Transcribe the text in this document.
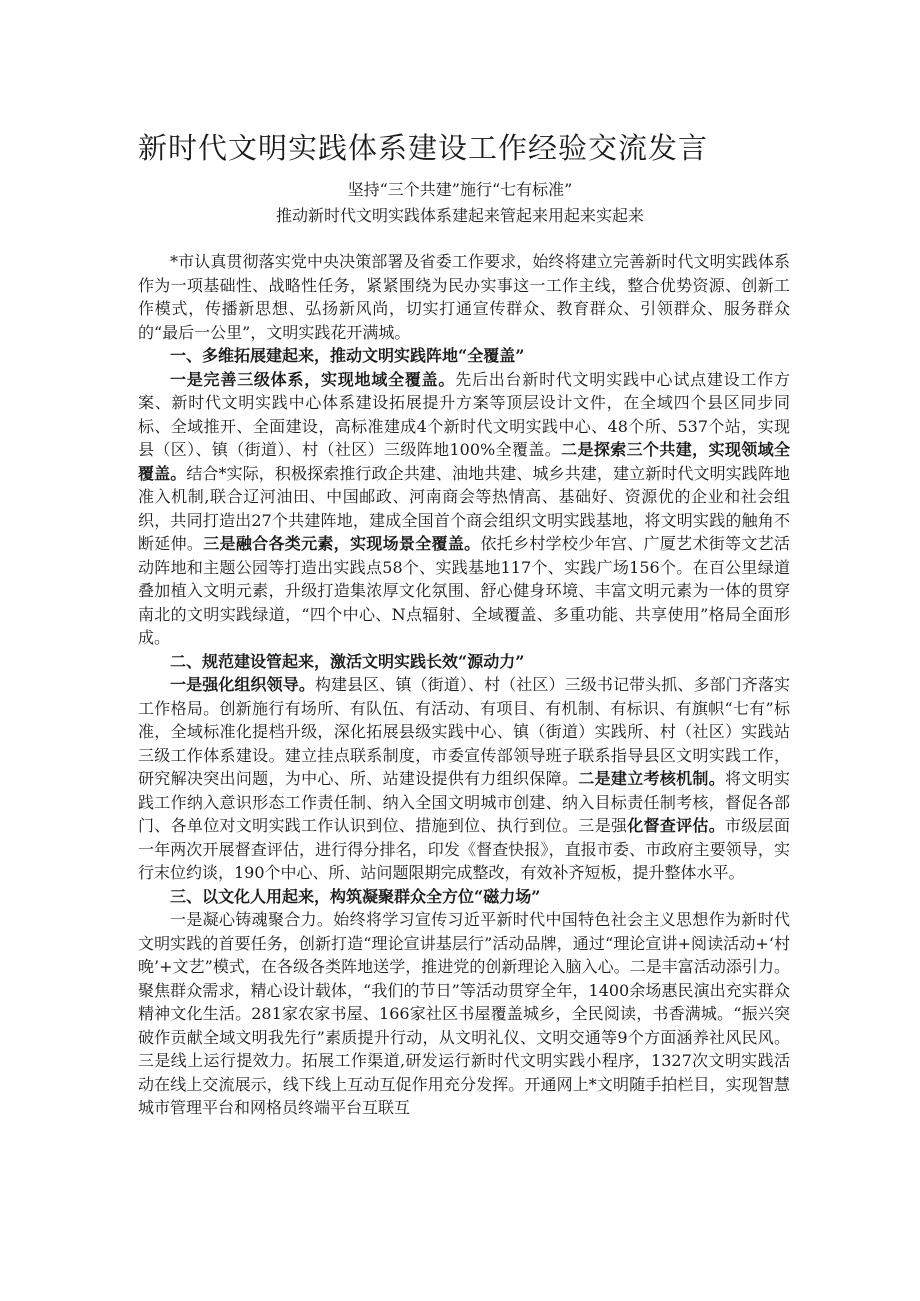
新时代文明实践体系建设工作经验交流发言
坚持“三个共建”施行“七有标准”
推动新时代文明实践体系建起来管起来用起来实起来

*市认真贯彻落实党中央决策部署及省委工作要求，始终将建立完善新时代文明实践体系作为一项基础性、战略性任务，紧紧围绕为民办实事这一工作主线，整合优势资源、创新工作模式，传播新思想、弘扬新风尚，切实打通宣传群众、教育群众、引领群众、服务群众的“最后一公里”，文明实践花开满城。

一、多维拓展建起来，推动文明实践阵地“全覆盖”

一是完善三级体系，实现地域全覆盖。先后出台新时代文明实践中心试点建设工作方案、新时代文明实践中心体系建设拓展提升方案等顶层设计文件，在全域四个县区同步同标、全域推开、全面建设，高标准建成4个新时代文明实践中心、48个所、537个站，实现县（区）、镇（街道）、村（社区）三级阵地100%全覆盖。二是探索三个共建，实现领域全覆盖。结合*实际，积极探索推行政企共建、油地共建、城乡共建，建立新时代文明实践阵地准入机制,联合辽河油田、中国邮政、河南商会等热情高、基础好、资源优的企业和社会组织，共同打造出27个共建阵地，建成全国首个商会组织文明实践基地，将文明实践的触角不断延伸。三是融合各类元素，实现场景全覆盖。依托乡村学校少年宫、广厦艺术街等文艺活动阵地和主题公园等打造出实践点58个、实践基地117个、实践广场156个。在百公里绿道叠加植入文明元素，升级打造集浓厚文化氛围、舒心健身环境、丰富文明元素为一体的贯穿南北的文明实践绿道，“四个中心、N点辐射、全域覆盖、多重功能、共享使用”格局全面形成。

二、规范建设管起来，激活文明实践长效“源动力”

一是强化组织领导。构建县区、镇（街道）、村（社区）三级书记带头抓、多部门齐落实工作格局。创新施行有场所、有队伍、有活动、有项目、有机制、有标识、有旗帜“七有”标准，全域标准化提档升级，深化拓展县级实践中心、镇（街道）实践所、村（社区）实践站三级工作体系建设。建立挂点联系制度，市委宣传部领导班子联系指导县区文明实践工作，研究解决突出问题，为中心、所、站建设提供有力组织保障。二是建立考核机制。将文明实践工作纳入意识形态工作责任制、纳入全国文明城市创建、纳入目标责任制考核，督促各部门、各单位对文明实践工作认识到位、措施到位、执行到位。三是强化督查评估。市级层面一年两次开展督查评估，进行得分排名，印发《督查快报》，直报市委、市政府主要领导，实行末位约谈，190个中心、所、站问题限期完成整改，有效补齐短板，提升整体水平。

三、以文化人用起来，构筑凝聚群众全方位“磁力场”

一是凝心铸魂聚合力。始终将学习宣传习近平新时代中国特色社会主义思想作为新时代文明实践的首要任务，创新打造“理论宣讲基层行”活动品牌，通过“理论宣讲+阅读活动+‘村晚’+文艺”模式，在各级各类阵地送学，推进党的创新理论入脑入心。二是丰富活动添引力。聚焦群众需求，精心设计载体，“我们的节日”等活动贯穿全年，1400余场惠民演出充实群众精神文化生活。281家农家书屋、166家社区书屋覆盖城乡，全民阅读，书香满城。“振兴突破作贡献全域文明我先行”素质提升行动，从文明礼仪、文明交通等9个方面涵养社风民风。三是线上运行提效力。拓展工作渠道,研发运行新时代文明实践小程序，1327次文明实践活动在线上交流展示，线下线上互动互促作用充分发挥。开通网上*文明随手拍栏目，实现智慧城市管理平台和网格员终端平台互联互
